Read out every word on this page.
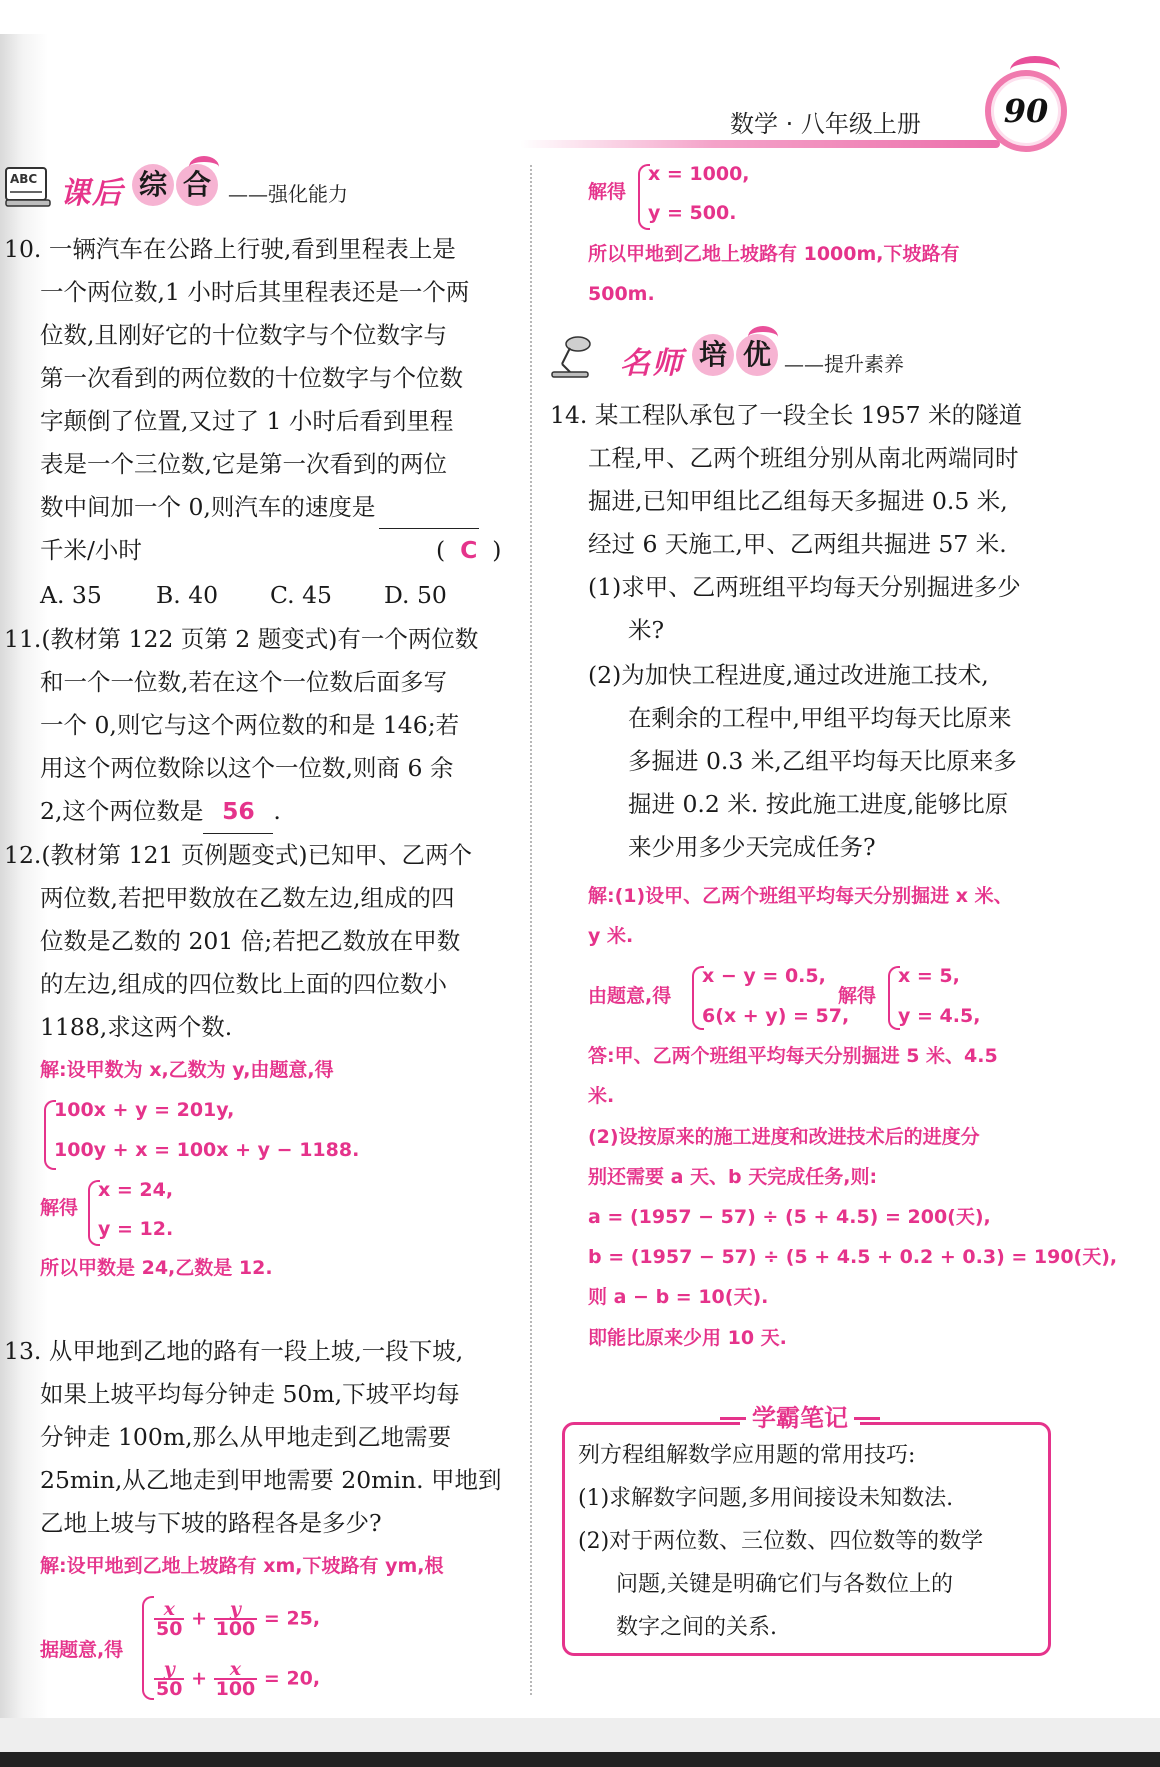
数学 · 八年级上册	90
ABC 课后 综 合 ——强化能力
10. 一辆汽车在公路上行驶,看到里程表上是
一个两位数,1 小时后其里程表还是一个两
位数,且刚好它的十位数字与个位数字与
第一次看到的两位数的十位数字与个位数
字颠倒了位置,又过了 1 小时后看到里程
表是一个三位数,它是第一次看到的两位
数中间加一个 0,则汽车的速度是
千米/小时	(  C  )
A. 35 B. 40 C. 45 D. 50
11.(教材第 122 页第 2 题变式)有一个两位数
和一个一位数,若在这个一位数后面多写
一个 0,则它与这个两位数的和是 146;若
用这个两位数除以这个一位数,则商 6 余
2,这个两位数是 56 .
12.(教材第 121 页例题变式)已知甲、乙两个
两位数,若把甲数放在乙数左边,组成的四
位数是乙数的 201 倍;若把乙数放在甲数
的左边,组成的四位数比上面的四位数小
1188,求这两个数.
解:设甲数为 x,乙数为 y,由题意,得
100x + y = 201y,
100y + x = 100x + y − 1188.
解得
x = 24,
y = 12.
所以甲数是 24,乙数是 12.
13. 从甲地到乙地的路有一段上坡,一段下坡,
如果上坡平均每分钟走 50m,下坡平均每
分钟走 100m,那么从甲地走到乙地需要
25min,从乙地走到甲地需要 20min. 甲地到
乙地上坡与下坡的路程各是多少?
解:设甲地到乙地上坡路有 xm,下坡路有 ym,根
据题意,得
$\frac{x}{50} + \frac{y}{100} = 25$,
$\frac{y}{50} + \frac{x}{100} = 20$,
解得
x = 1000,
y = 500.
所以甲地到乙地上坡路有 1000m,下坡路有
500m.
名师 培 优 ——提升素养
14. 某工程队承包了一段全长 1957 米的隧道
工程,甲、乙两个班组分别从南北两端同时
掘进,已知甲组比乙组每天多掘进 0.5 米,
经过 6 天施工,甲、乙两组共掘进 57 米.
(1)求甲、乙两班组平均每天分别掘进多少
米?
(2)为加快工程进度,通过改进施工技术,
在剩余的工程中,甲组平均每天比原来
多掘进 0.3 米,乙组平均每天比原来多
掘进 0.2 米. 按此施工进度,能够比原
来少用多少天完成任务?
解:(1)设甲、乙两个班组平均每天分别掘进 x 米、
y 米.
由题意,得
x − y = 0.5,
6(x + y) = 57,
解得
x = 5,
y = 4.5,
答:甲、乙两个班组平均每天分别掘进 5 米、4.5
米.
(2)设按原来的施工进度和改进技术后的进度分
别还需要 a 天、b 天完成任务,则:
a = (1957 − 57) ÷ (5 + 4.5) = 200(天),
b = (1957 − 57) ÷ (5 + 4.5 + 0.2 + 0.3) = 190(天),
则 a − b = 10(天).
即能比原来少用 10 天.
学霸笔记
列方程组解数学应用题的常用技巧:
(1)求解数字问题,多用间接设未知数法.
(2)对于两位数、三位数、四位数等的数学
问题,关键是明确它们与各数位上的
数字之间的关系.
